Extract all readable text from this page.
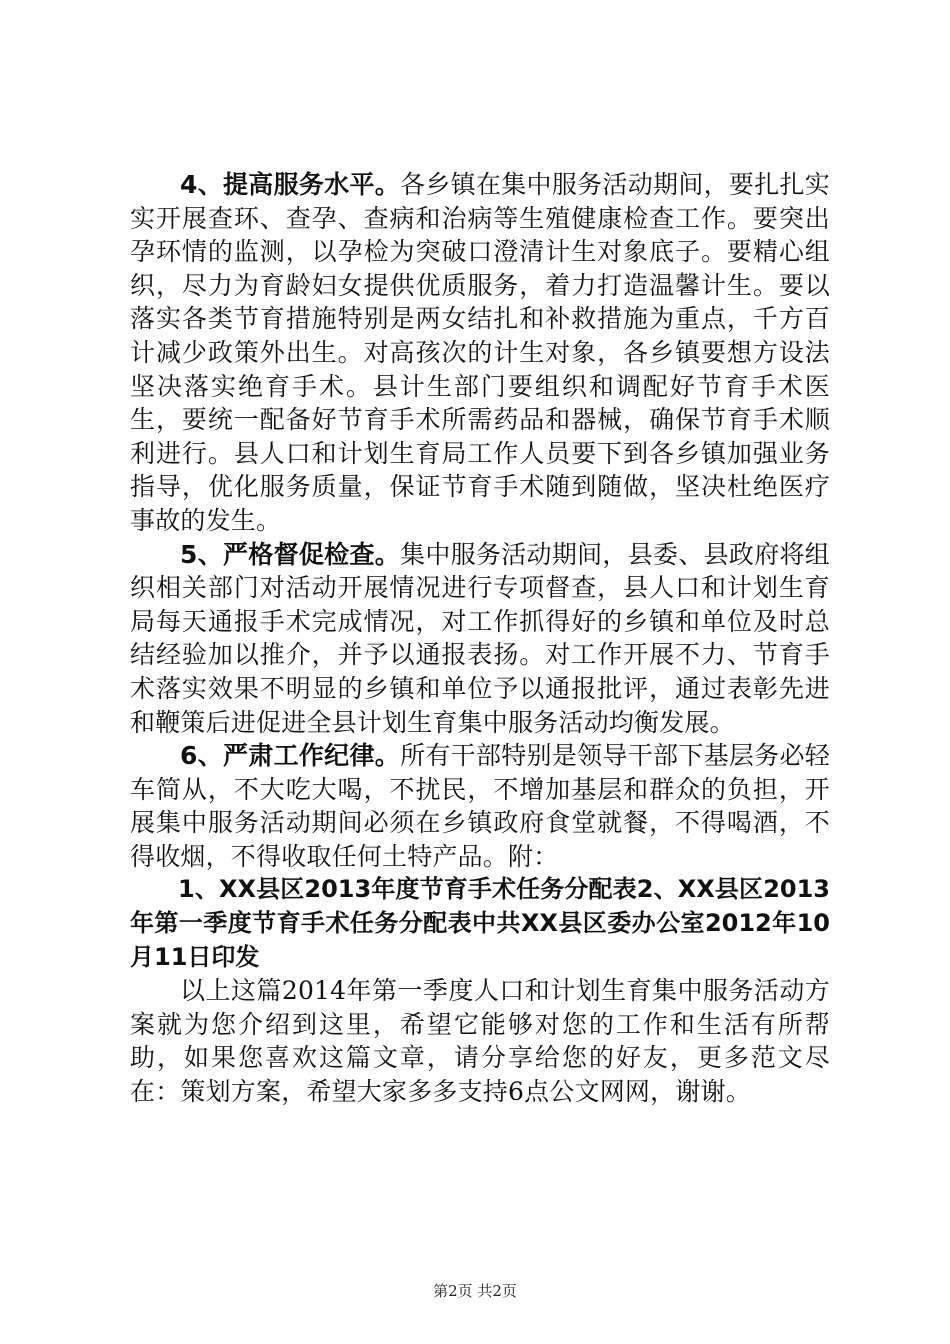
4、提高服务水平。各乡镇在集中服务活动期间，要扎扎实实开展查环、查孕、查病和治病等生殖健康检查工作。要突出孕环情的监测，以孕检为突破口澄清计生对象底子。要精心组织，尽力为育龄妇女提供优质服务，着力打造温馨计生。要以落实各类节育措施特别是两女结扎和补救措施为重点，千方百计减少政策外出生。对高孩次的计生对象，各乡镇要想方设法坚决落实绝育手术。县计生部门要组织和调配好节育手术医生，要统一配备好节育手术所需药品和器械，确保节育手术顺利进行。县人口和计划生育局工作人员要下到各乡镇加强业务指导，优化服务质量，保证节育手术随到随做，坚决杜绝医疗事故的发生。

5、严格督促检查。集中服务活动期间，县委、县政府将组织相关部门对活动开展情况进行专项督查，县人口和计划生育局每天通报手术完成情况，对工作抓得好的乡镇和单位及时总结经验加以推介，并予以通报表扬。对工作开展不力、节育手术落实效果不明显的乡镇和单位予以通报批评，通过表彰先进和鞭策后进促进全县计划生育集中服务活动均衡发展。

6、严肃工作纪律。所有干部特别是领导干部下基层务必轻车简从，不大吃大喝，不扰民，不增加基层和群众的负担，开展集中服务活动期间必须在乡镇政府食堂就餐，不得喝酒，不得收烟，不得收取任何土特产品。附：

1、XX县区2013年度节育手术任务分配表2、XX县区2013年第一季度节育手术任务分配表中共XX县区委办公室2012年10月11日印发

以上这篇2014年第一季度人口和计划生育集中服务活动方案就为您介绍到这里，希望它能够对您的工作和生活有所帮助，如果您喜欢这篇文章，请分享给您的好友，更多范文尽在：策划方案，希望大家多多支持6点公文网网，谢谢。

第2页 共2页
